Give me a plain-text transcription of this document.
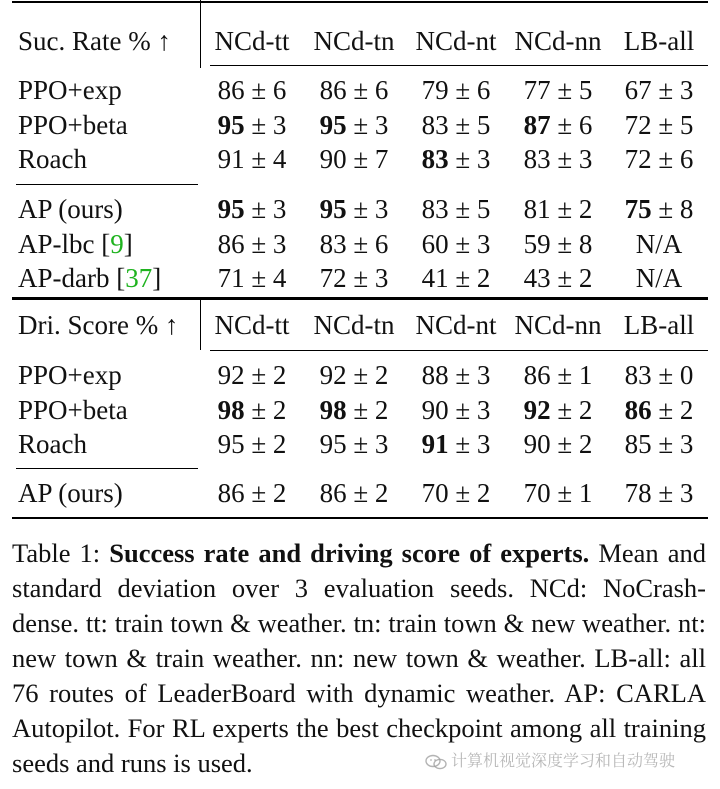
Suc. Rate % ↑	NCd-tt NCd-tn NCd-nt NCd-nn LB-all
PPO+exp	86 ± 6	86 ± 6	79 ± 6	77 ± 5	67 ± 3
PPO+beta	95 ± 3	95 ± 3	83 ± 5	87 ± 6	72 ± 5
Roach	91 ± 4	90 ± 7	83 ± 3	83 ± 3	72 ± 6
AP (ours)	95 ± 3	95 ± 3	83 ± 5	81 ± 2	75 ± 8
AP-lbc [9]	86 ± 3	83 ± 6	60 ± 3	59 ± 8	N/A
AP-darb [37]	71 ± 4	72 ± 3	41 ± 2	43 ± 2	N/A
Dri. Score % ↑	NCd-tt NCd-tn NCd-nt NCd-nn LB-all
PPO+exp	92 ± 2	92 ± 2	88 ± 3	86 ± 1	83 ± 0
PPO+beta	98 ± 2	98 ± 2	90 ± 3	92 ± 2	86 ± 2
Roach	95 ± 2	95 ± 3	91 ± 3	90 ± 2	85 ± 3
AP (ours)	86 ± 2	86 ± 2	70 ± 2	70 ± 1	78 ± 3
Table 1: Success rate and driving score of experts. Mean and standard deviation over 3 evaluation seeds. NCd: NoCrash-dense. tt: train town & weather. tn: train town & new weather. nt: new town & train weather. nn: new town & weather. LB-all: all 76 routes of LeaderBoard with dynamic weather. AP: CARLA Autopilot. For RL experts the best checkpoint among all training seeds and runs is used.	计算机视觉深度学习和自动驾驶
